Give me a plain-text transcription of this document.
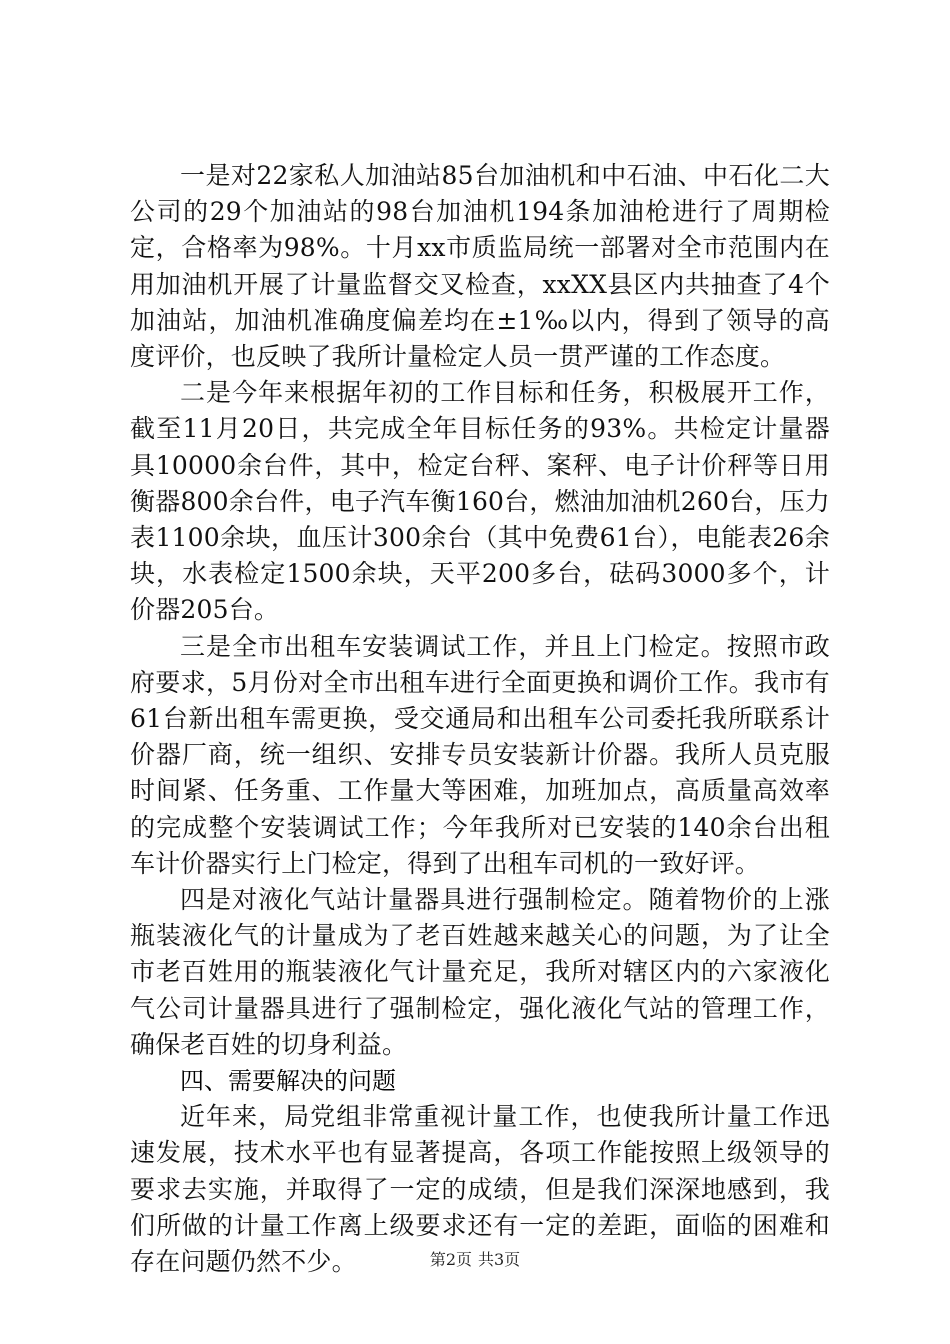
一是对22家私人加油站85台加油机和中石油、中石化二大公司的29个加油站的98台加油机194条加油枪进行了周期检定，合格率为98%。十月xx市质监局统一部署对全市范围内在用加油机开展了计量监督交叉检查，xxXX县区内共抽查了4个加油站，加油机准确度偏差均在±1‰以内，得到了领导的高度评价，也反映了我所计量检定人员一贯严谨的工作态度。

二是今年来根据年初的工作目标和任务，积极展开工作，截至11月20日，共完成全年目标任务的93%。共检定计量器具10000余台件，其中，检定台秤、案秤、电子计价秤等日用衡器800余台件，电子汽车衡160台，燃油加油机260台，压力表1100余块，血压计300余台（其中免费61台），电能表26余块，水表检定1500余块，天平200多台，砝码3000多个，计价器205台。

三是全市出租车安装调试工作，并且上门检定。按照市政府要求，5月份对全市出租车进行全面更换和调价工作。我市有61台新出租车需更换，受交通局和出租车公司委托我所联系计价器厂商，统一组织、安排专员安装新计价器。我所人员克服时间紧、任务重、工作量大等困难，加班加点，高质量高效率的完成整个安装调试工作；今年我所对已安装的140余台出租车计价器实行上门检定，得到了出租车司机的一致好评。

四是对液化气站计量器具进行强制检定。随着物价的上涨瓶装液化气的计量成为了老百姓越来越关心的问题，为了让全市老百姓用的瓶装液化气计量充足，我所对辖区内的六家液化气公司计量器具进行了强制检定，强化液化气站的管理工作，确保老百姓的切身利益。

四、需要解决的问题

近年来，局党组非常重视计量工作，也使我所计量工作迅速发展，技术水平也有显著提高，各项工作能按照上级领导的要求去实施，并取得了一定的成绩，但是我们深深地感到，我们所做的计量工作离上级要求还有一定的差距，面临的困难和存在问题仍然不少。	第2页 共3页
